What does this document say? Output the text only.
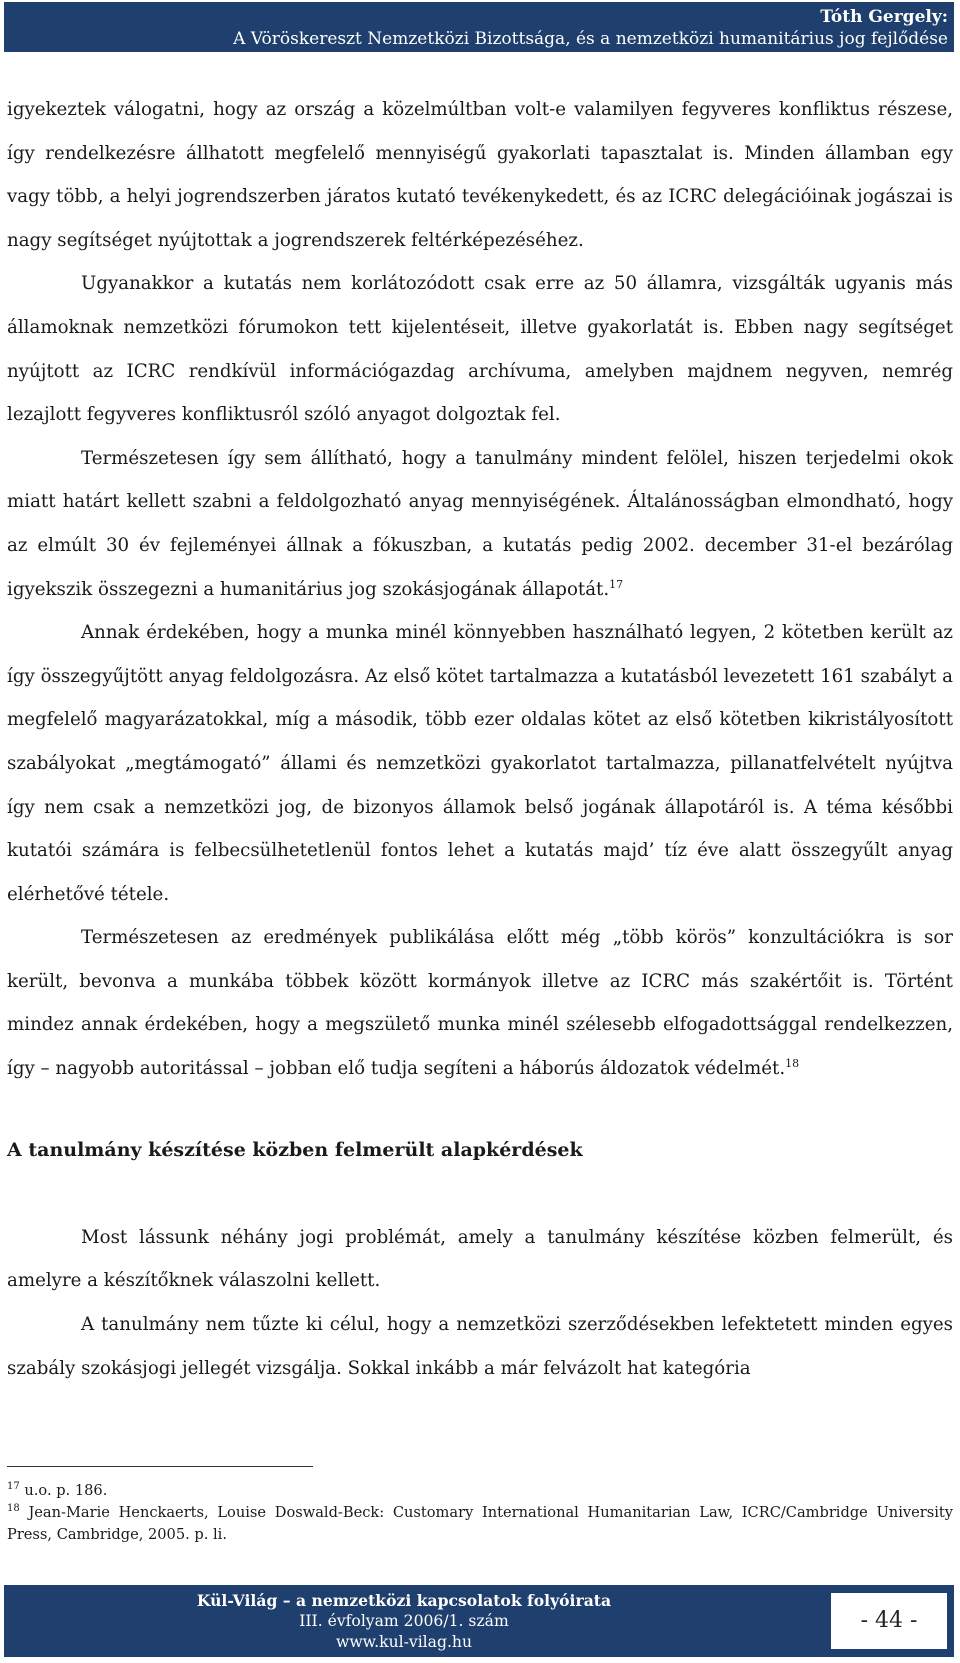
Tóth Gergely:
A Vöröskereszt Nemzetközi Bizottsága, és a nemzetközi humanitárius jog fejlődése

igyekeztek válogatni, hogy az ország a közelmúltban volt-e valamilyen fegyveres konfliktus részese, így rendelkezésre állhatott megfelelő mennyiségű gyakorlati tapasztalat is. Minden államban egy vagy több, a helyi jogrendszerben járatos kutató tevékenykedett, és az ICRC delegációinak jogászai is nagy segítséget nyújtottak a jogrendszerek feltérképezéséhez.

Ugyanakkor a kutatás nem korlátozódott csak erre az 50 államra, vizsgálták ugyanis más államoknak nemzetközi fórumokon tett kijelentéseit, illetve gyakorlatát is. Ebben nagy segítséget nyújtott az ICRC rendkívül információgazdag archívuma, amelyben majdnem negyven, nemrég lezajlott fegyveres konfliktusról szóló anyagot dolgoztak fel.

Természetesen így sem állítható, hogy a tanulmány mindent felölel, hiszen terjedelmi okok miatt határt kellett szabni a feldolgozható anyag mennyiségének. Általánosságban elmondható, hogy az elmúlt 30 év fejleményei állnak a fókuszban, a kutatás pedig 2002. december 31-el bezárólag igyekszik összegezni a humanitárius jog szokásjogának állapotát.$^{17}$

Annak érdekében, hogy a munka minél könnyebben használható legyen, 2 kötetben került az így összegyűjtött anyag feldolgozásra. Az első kötet tartalmazza a kutatásból levezetett 161 szabályt a megfelelő magyarázatokkal, míg a második, több ezer oldalas kötet az első kötetben kikristályosított szabályokat „megtámogató” állami és nemzetközi gyakorlatot tartalmazza, pillanatfelvételt nyújtva így nem csak a nemzetközi jog, de bizonyos államok belső jogának állapotáról is. A téma későbbi kutatói számára is felbecsülhetetlenül fontos lehet a kutatás majd’ tíz éve alatt összegyűlt anyag elérhetővé tétele.

Természetesen az eredmények publikálása előtt még „több körös” konzultációkra is sor került, bevonva a munkába többek között kormányok illetve az ICRC más szakértőit is. Történt mindez annak érdekében, hogy a megszülető munka minél szélesebb elfogadottsággal rendelkezzen, így – nagyobb autoritással – jobban elő tudja segíteni a háborús áldozatok védelmét.$^{18}$

A tanulmány készítése közben felmerült alapkérdések

Most lássunk néhány jogi problémát, amely a tanulmány készítése közben felmerült, és amelyre a készítőknek válaszolni kellett.

A tanulmány nem tűzte ki célul, hogy a nemzetközi szerződésekben lefektetett minden egyes szabály szokásjogi jellegét vizsgálja. Sokkal inkább a már felvázolt hat kategória

$^{17}$ u.o. p. 186.

$^{18}$ Jean-Marie Henckaerts, Louise Doswald-Beck: Customary International Humanitarian Law, ICRC/Cambridge University Press, Cambridge, 2005. p. li.

Kül-Világ – a nemzetközi kapcsolatok folyóirata
III. évfolyam 2006/1. szám
www.kul-vilag.hu
- 44 -
